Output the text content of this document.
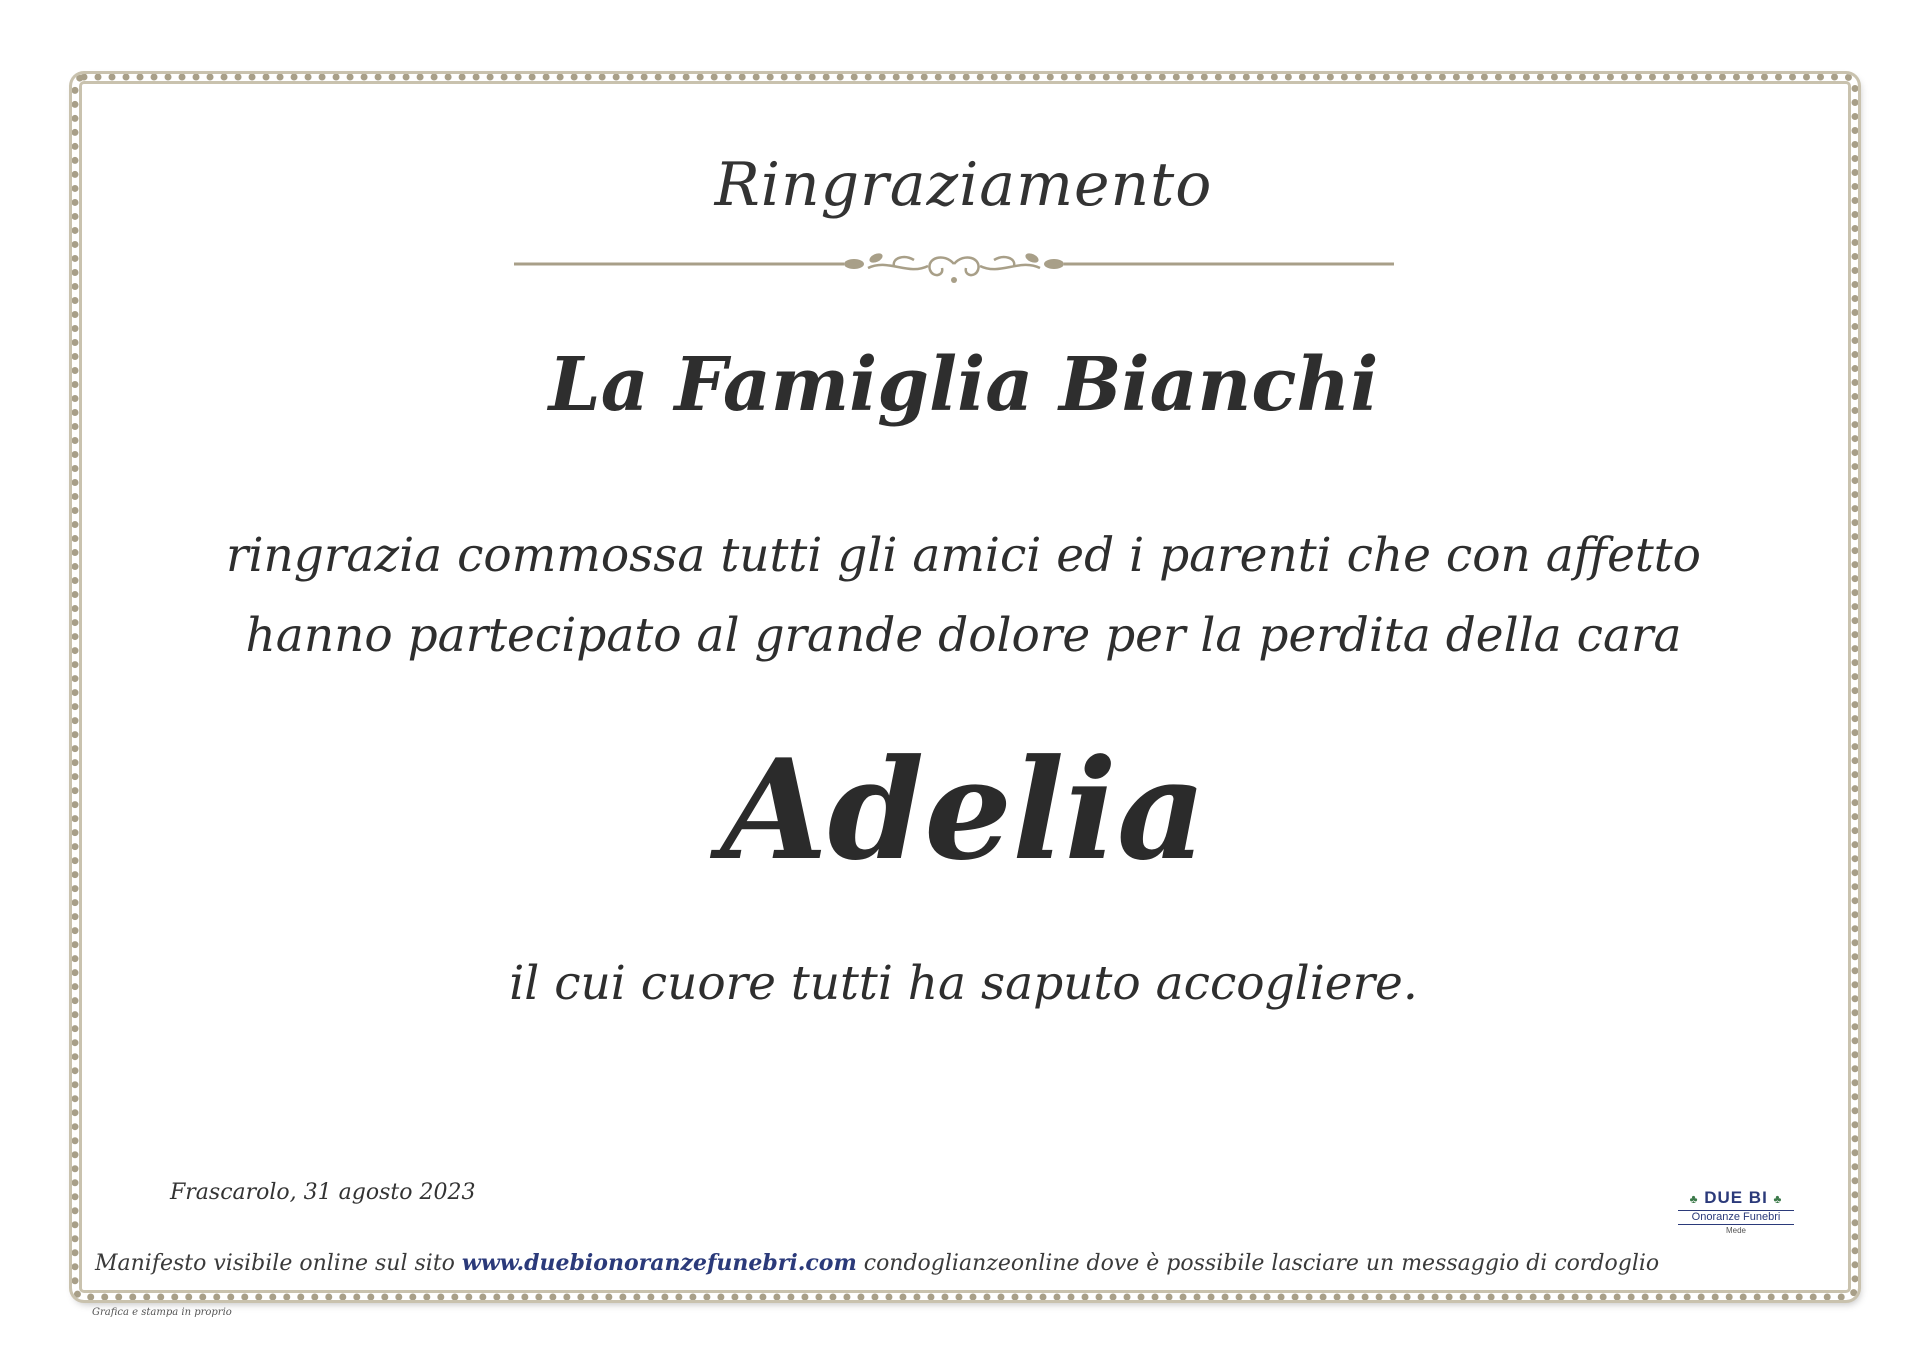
Ringraziamento
La Famiglia Bianchi
ringrazia commossa tutti gli amici ed i parenti che con affetto
hanno partecipato al grande dolore per la perdita della cara
Adelia
il cui cuore tutti ha saputo accogliere.
Frascarolo, 31 agosto 2023	♣ DUE BI ♣
Onoranze Funebri
Mede
Manifesto visibile online sul sito www.duebionoranzefunebri.com condoglianzeonline dove è possibile lasciare un messaggio di cordoglio
Grafica e stampa in proprio
